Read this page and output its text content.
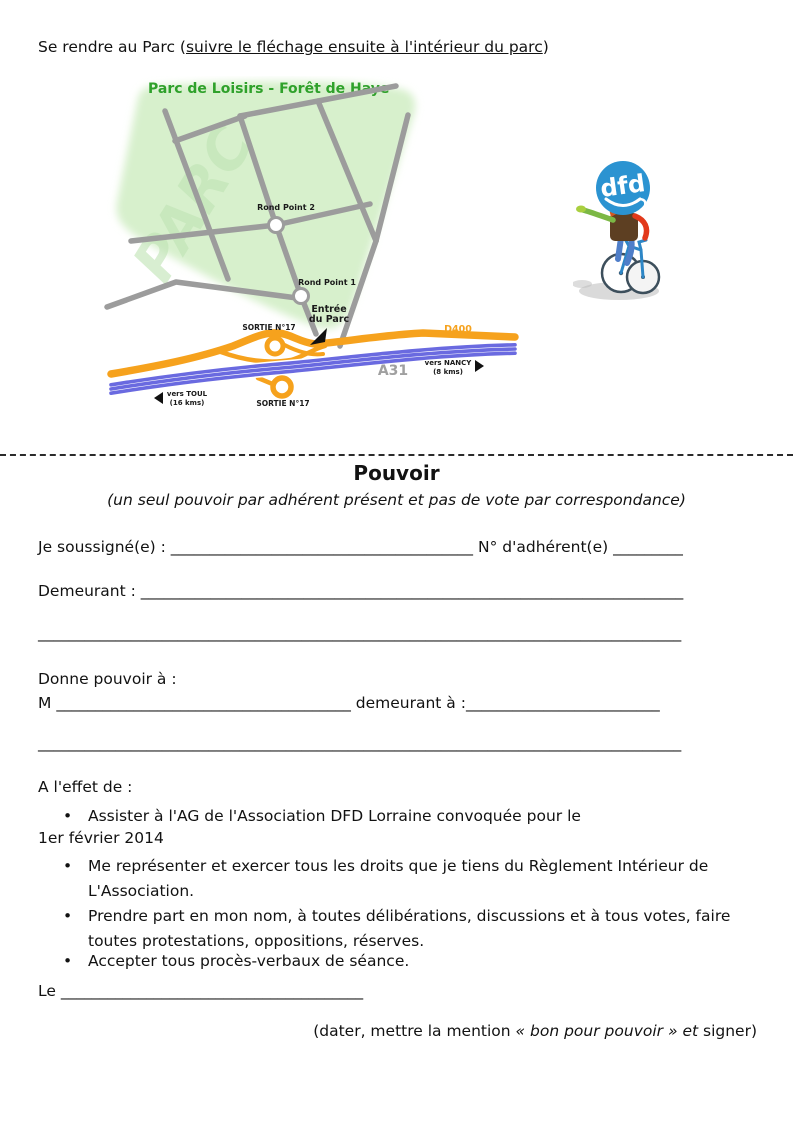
Se rendre au Parc (suivre le fléchage ensuite à l'intérieur du parc)
PARC
Parc de Loisirs - Forêt de Haye
Rond Point 2
Rond Point 1
Entrée
du Parc
SORTIE N°17
SORTIE N°17
D400
A31 vers NANCY
(8 kms)
vers TOUL
(16 kms)
dfd
Pouvoir
(un seul pouvoir par adhérent présent et pas de vote par correspondance)
Je soussigné(e) : _______________________________________ N° d'adhérent(e) _________
Demeurant : ______________________________________________________________________
___________________________________________________________________________________
Donne pouvoir à :
M ______________________________________ demeurant à :_________________________
___________________________________________________________________________________
A l'effet de :
• Assister à l'AG de l'Association DFD Lorraine convoquée pour le
1er février 2014
• Me représenter et exercer tous les droits que je tiens du Règlement Intérieur de L'Association.
• Prendre part en mon nom, à toutes délibérations, discussions et à tous votes, faire toutes protestations, oppositions, réserves.
• Accepter tous procès-verbaux de séance.
Le _______________________________________
(dater, mettre la mention « bon pour pouvoir » et signer)
